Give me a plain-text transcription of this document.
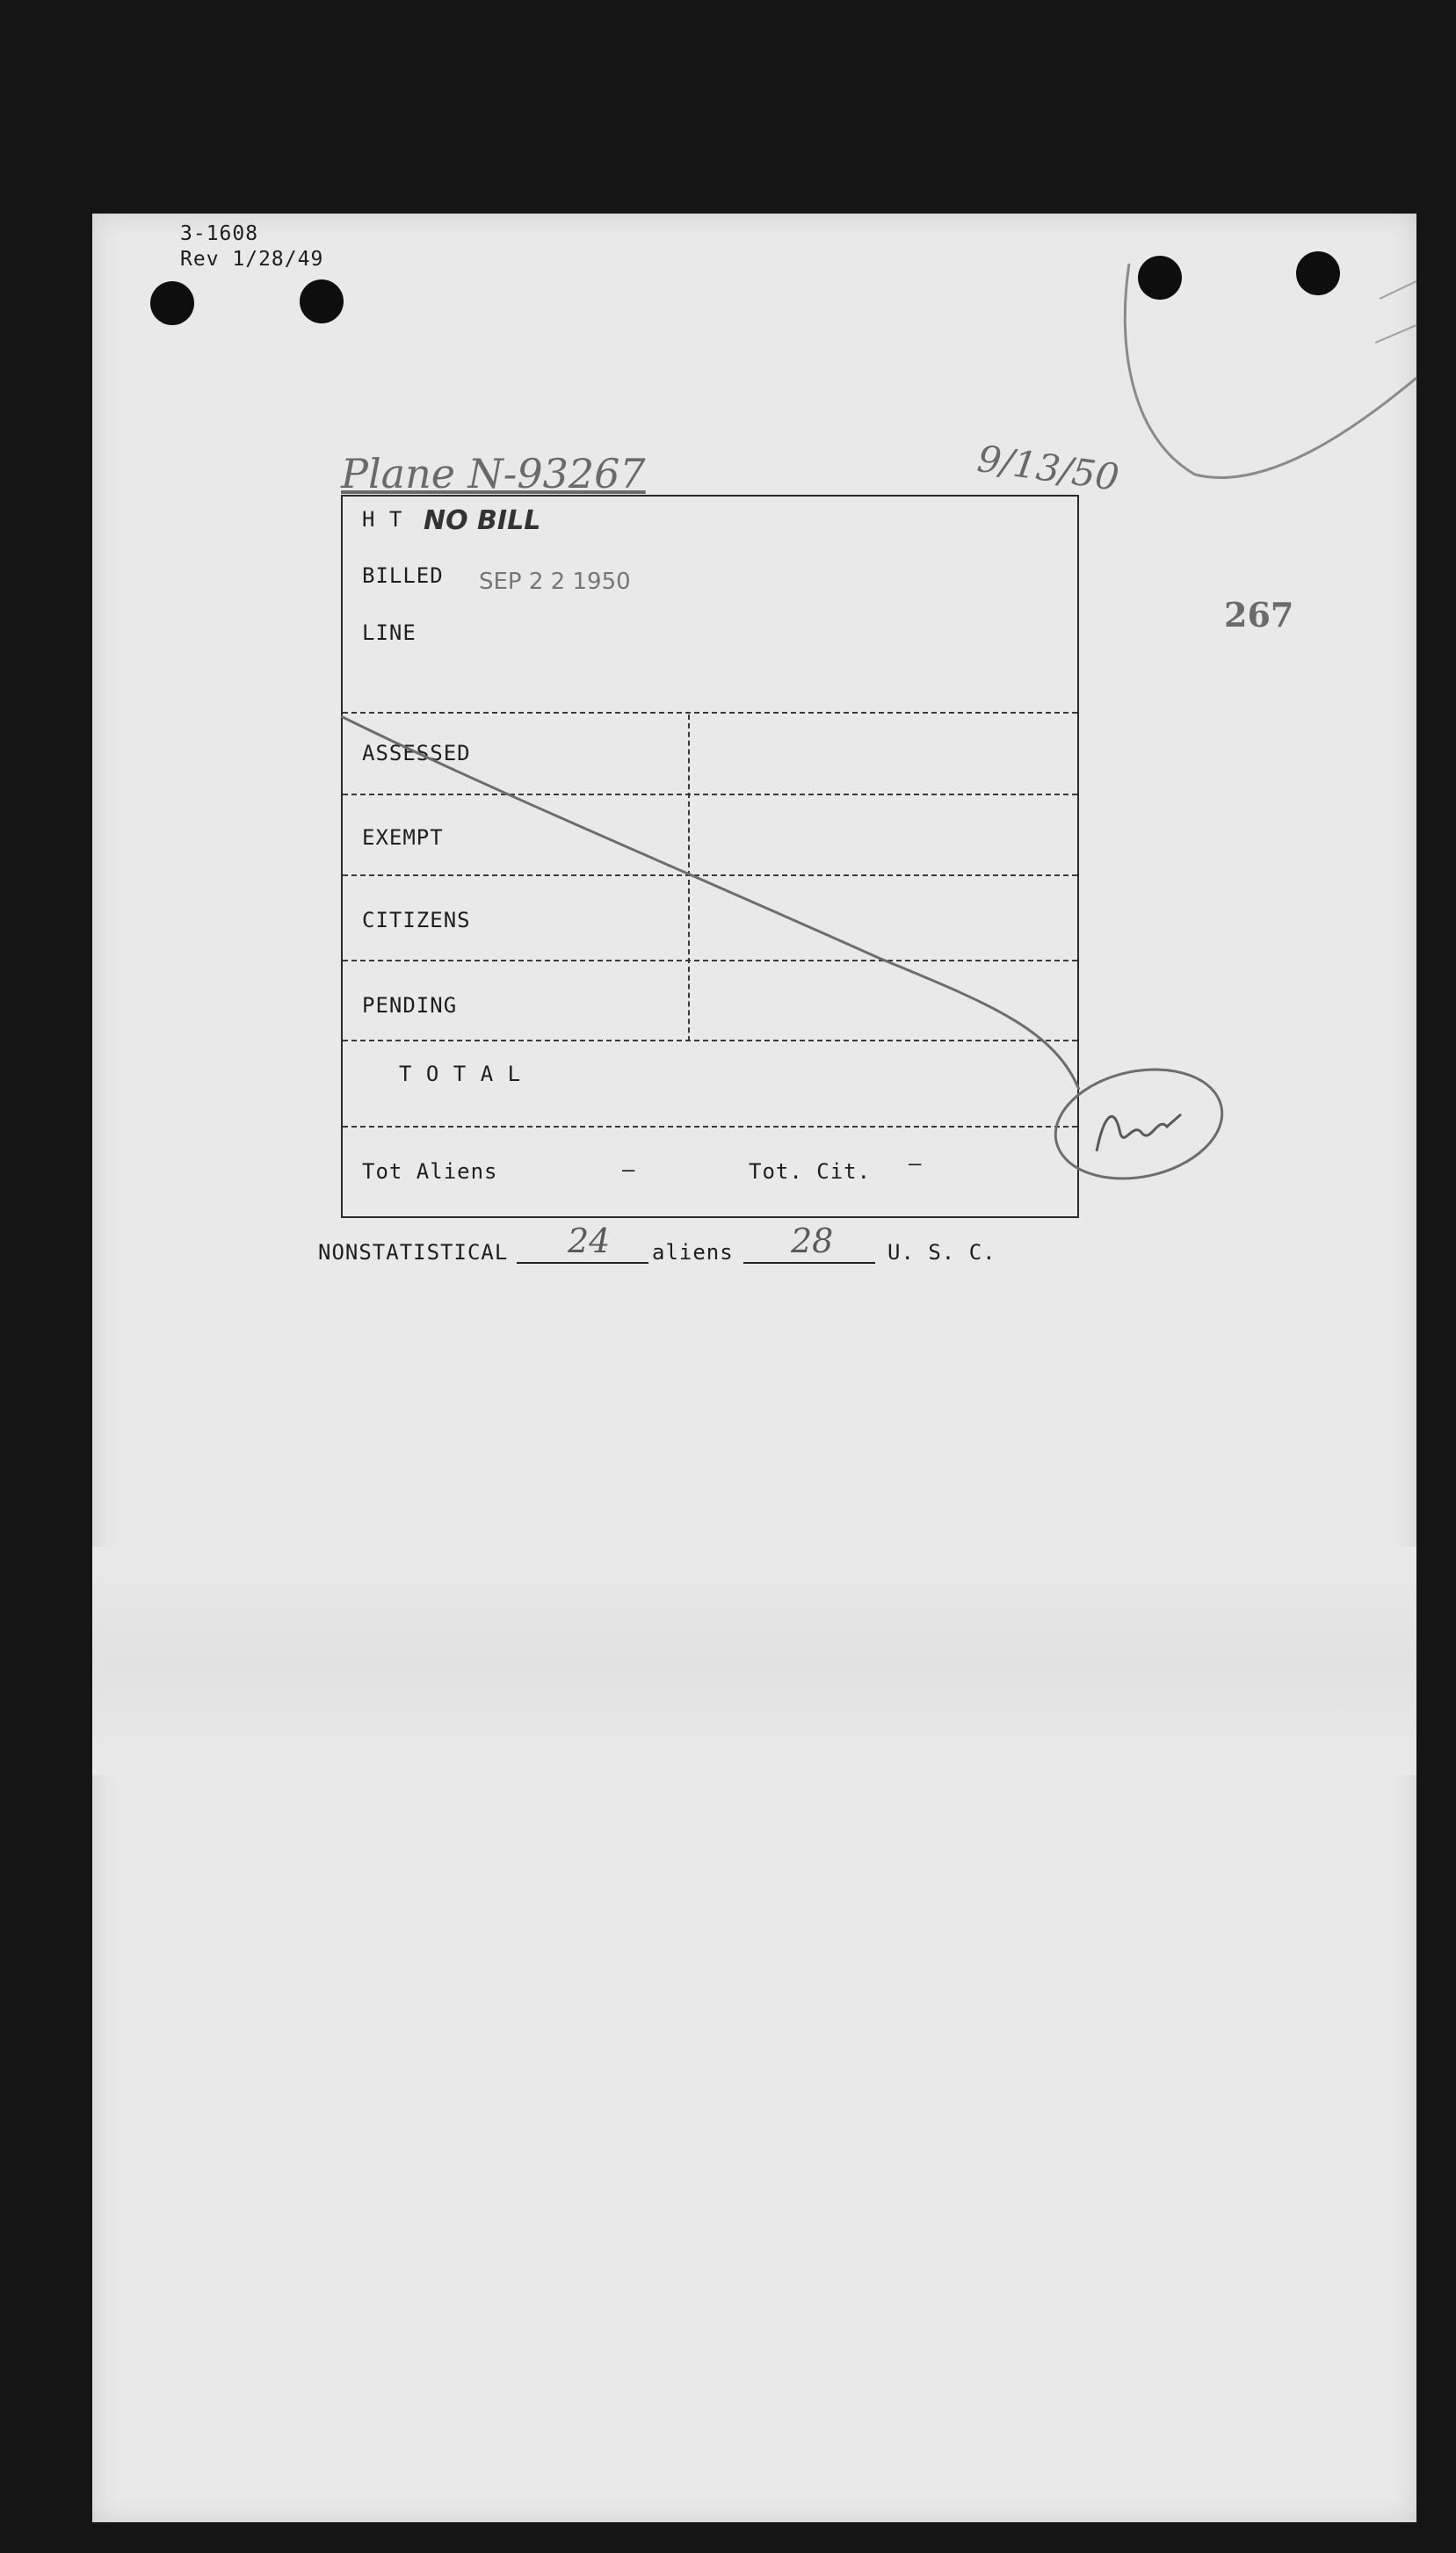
3-1608
Rev 1/28/49
Plane N-93267	9/13/50
267
H T NO BILL
BILLED SEP 2 2 1950
LINE
ASSESSED
EXEMPT
CITIZENS
PENDING
T O T A L
Tot Aliens	—	Tot. Cit. —
NONSTATISTICAL 24 aliens 28	U. S. C.
